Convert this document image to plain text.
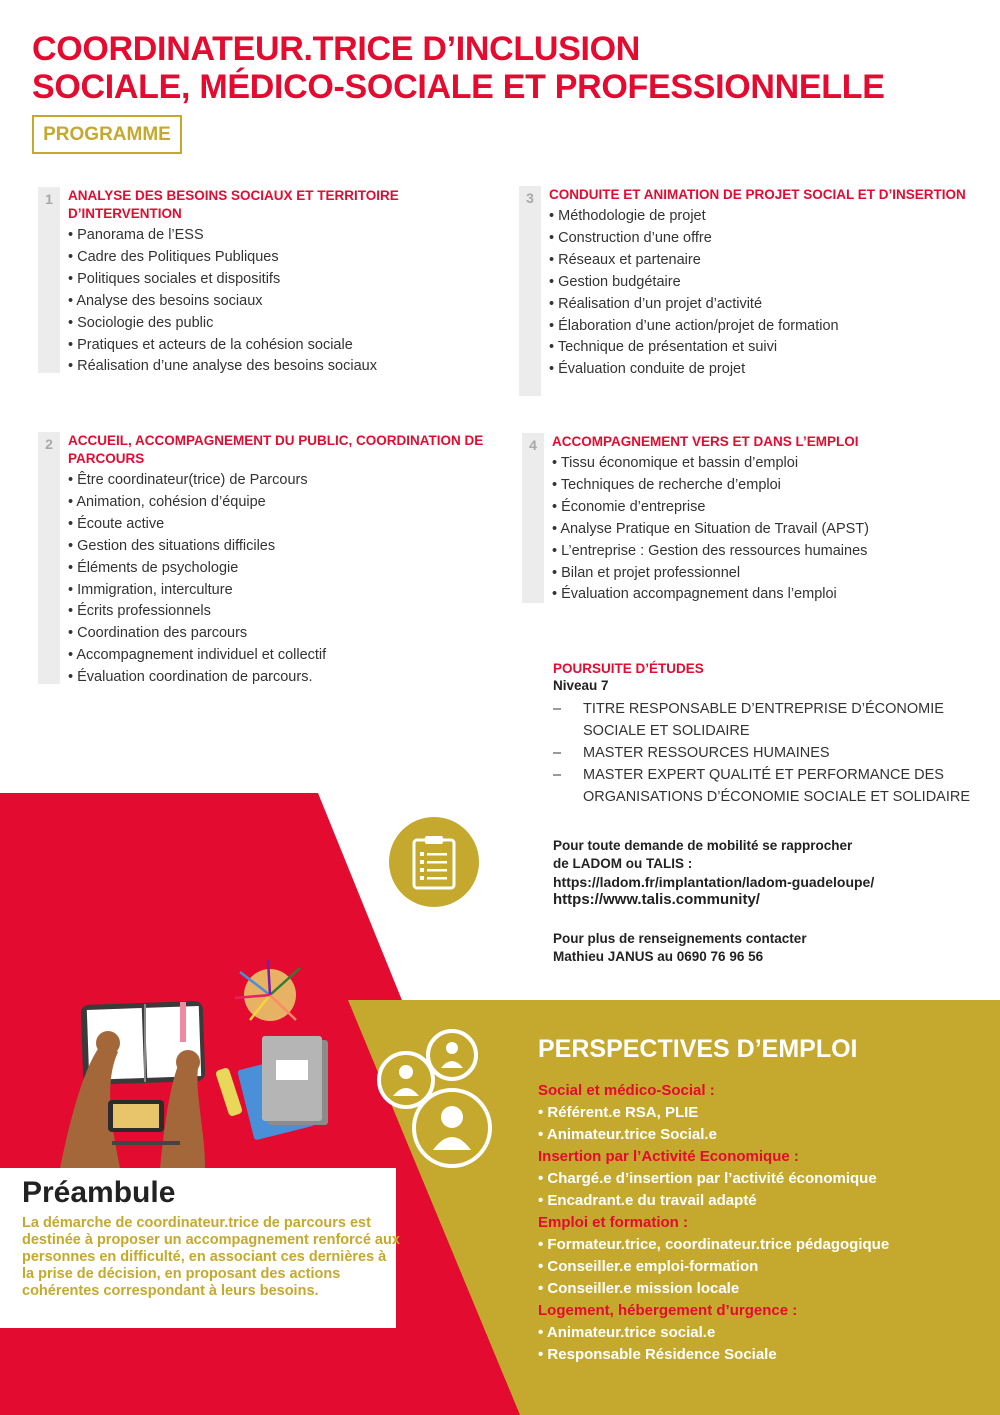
COORDINATEUR.TRICE D’INCLUSION
SOCIALE, MÉDICO-SOCIALE ET PROFESSIONNELLE
PROGRAMME
1	ANALYSE DES BESOINS SOCIAUX ET TERRITOIRE D’INTERVENTION
• Panorama de l’ESS
• Cadre des Politiques Publiques
• Politiques sociales et dispositifs
• Analyse des besoins sociaux
• Sociologie des public
• Pratiques et acteurs de la cohésion sociale
• Réalisation d’une analyse des besoins sociaux
2	ACCUEIL, ACCOMPAGNEMENT DU PUBLIC, COORDINATION DE PARCOURS
• Être coordinateur(trice) de Parcours
• Animation, cohésion d’équipe
• Écoute active
• Gestion des situations difficiles
• Éléments de psychologie
• Immigration, interculture
• Écrits professionnels
• Coordination des parcours
• Accompagnement individuel et collectif
• Évaluation coordination de parcours.
3	CONDUITE ET ANIMATION DE PROJET SOCIAL ET D’INSERTION
• Méthodologie de projet
• Construction d’une offre
• Réseaux et partenaire
• Gestion budgétaire
• Réalisation d’un projet d’activité
• Élaboration d’une action/projet de formation
• Technique de présentation et suivi
• Évaluation conduite de projet
4	ACCOMPAGNEMENT VERS ET DANS L’EMPLOI
• Tissu économique et bassin d’emploi
• Techniques de recherche d’emploi
• Économie d’entreprise
• Analyse Pratique en Situation de Travail (APST)
• L’entreprise : Gestion des ressources humaines
• Bilan et projet professionnel
• Évaluation accompagnement dans l’emploi
POURSUITE D’ÉTUDES
Niveau 7
– TITRE RESPONSABLE D’ENTREPRISE D’ÉCONOMIE SOCIALE ET SOLIDAIRE
– MASTER RESSOURCES HUMAINES
– MASTER EXPERT QUALITÉ ET PERFORMANCE DES ORGANISATIONS D’ÉCONOMIE SOCIALE ET SOLIDAIRE
Pour toute demande de mobilité se rapprocher
de LADOM ou TALIS :
https://ladom.fr/implantation/ladom-guadeloupe/
https://www.talis.community/
Pour plus de renseignements contacter
Mathieu JANUS au 0690 76 96 56
Préambule
La démarche de coordinateur.trice de parcours est destinée à proposer un accompagnement renforcé aux personnes en difficulté, en associant ces dernières à la prise de décision, en proposant des actions cohérentes correspondant à leurs besoins.
PERSPECTIVES D’EMPLOI
Social et médico-Social :
• Référent.e RSA, PLIE
• Animateur.trice Social.e
Insertion par l’Activité Economique :
• Chargé.e d’insertion par l’activité économique
• Encadrant.e du travail adapté
Emploi et formation :
• Formateur.trice, coordinateur.trice pédagogique
• Conseiller.e emploi-formation
• Conseiller.e mission locale
Logement, hébergement d’urgence :
• Animateur.trice social.e
• Responsable Résidence Sociale
